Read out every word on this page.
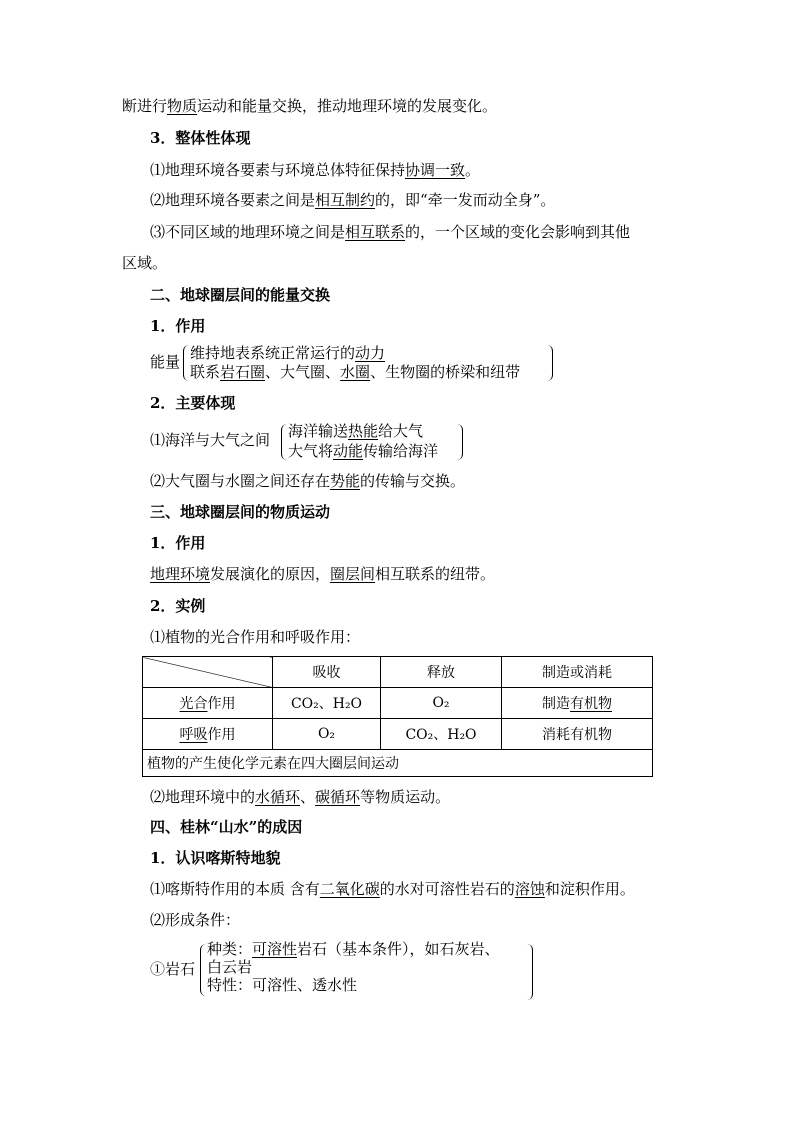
断进行物质运动和能量交换，推动地理环境的发展变化。
3．整体性体现
⑴地理环境各要素与环境总体特征保持协调一致。
⑵地理环境各要素之间是相互制约的，即“牵一发而动全身”。
⑶不同区域的地理环境之间是相互联系的，一个区域的变化会影响到其他
区域。
二、地球圈层间的能量交换
1．作用
能量 维持地表系统正常运行的动力
联系岩石圈、大气圈、水圈、生物圈的桥梁和纽带
2．主要体现
⑴海洋与大气之间 海洋输送热能给大气
大气将动能传输给海洋
⑵大气圈与水圈之间还存在势能的传输与交换。
三、地球圈层间的物质运动
1．作用
地理环境发展演化的原因，圈层间相互联系的纽带。
2．实例
⑴植物的光合作用和呼吸作用：
	吸收	释放	制造或消耗
光合作用	CO₂、H₂O	O₂	制造有机物
呼吸作用	O₂	CO₂、H₂O	消耗有机物
植物的产生使化学元素在四大圈层间运动			
⑵地理环境中的水循环、碳循环等物质运动。
四、桂林“山水”的成因
1．认识喀斯特地貌
⑴喀斯特作用的本质 含有二氧化碳的水对可溶性岩石的溶蚀和淀积作用。
⑵形成条件：
①岩石
种类：可溶性岩石（基本条件），如石灰岩、
白云岩
特性：可溶性、透水性
